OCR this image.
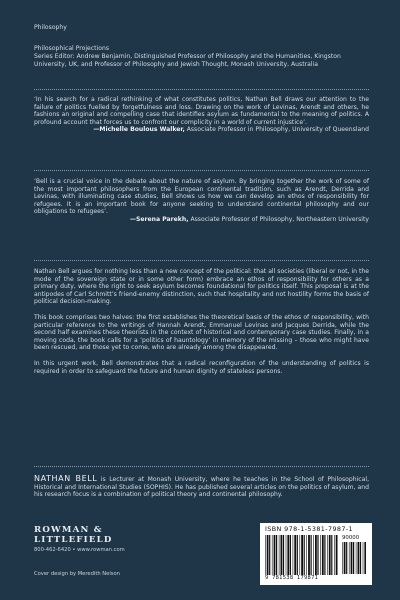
Philosophy

Philosophical Projections

Series Editor: Andrew Benjamin, Distinguished Professor of Philosophy and the Humanities, Kingston University, UK, and Professor of Philosophy and Jewish Thought, Monash University, Australia

‘In his search for a radical rethinking of what constitutes politics, Nathan Bell draws our attention to the failure of politics fuelled by forgetfulness and loss. Drawing on the work of Levinas, Arendt and others, he fashions an original and compelling case that identifies asylum as fundamental to the meaning of politics. A profound account that forces us to confront our complicity in a world of current injustice’.

—Michelle Boulous Walker, Associate Professor in Philosophy, University of Queensland

‘Bell is a crucial voice in the debate about the nature of asylum. By bringing together the work of some of the most important philosophers from the European continental tradition, such as Arendt, Derrida and Levinas, with illuminating case studies, Bell shows us how we can develop an ethos of responsibility for refugees. It is an important book for anyone seeking to understand continental philosophy and our obligations to refugees’.

—Serena Parekh, Associate Professor of Philosophy, Northeastern University

Nathan Bell argues for nothing less than a new concept of the political: that all societies (liberal or not, in the mode of the sovereign state or in some other form) embrace an ethos of responsibility for others as a primary duty, where the right to seek asylum becomes foundational for politics itself. This proposal is at the antipodes of Carl Schmitt’s friend-enemy distinction, such that hospitality and not hostility forms the basis of political decision-making.

This book comprises two halves: the first establishes the theoretical basis of the ethos of responsibility, with particular reference to the writings of Hannah Arendt, Emmanuel Levinas and Jacques Derrida, while the second half examines these theorists in the context of historical and contemporary case studies. Finally, in a moving coda, the book calls for a ‘politics of hauntology’ in memory of the missing – those who might have been rescued, and those yet to come, who are already among the disappeared.

In this urgent work, Bell demonstrates that a radical reconfiguration of the understanding of politics is required in order to safeguard the future and human dignity of stateless persons.

NATHAN BELL is Lecturer at Monash University, where he teaches in the School of Philosophical, Historical and International Studies (SOPHIS). He has published several articles on the politics of asylum, and his research focus is a combination of political theory and continental philosophy.

ROWMAN &

LITTLEFIELD

800-462-6420 • www.rowman.com

Cover design by Meredith Nelson
ISBN 978-1-5381-7987-1
90000
9 781538 179871
